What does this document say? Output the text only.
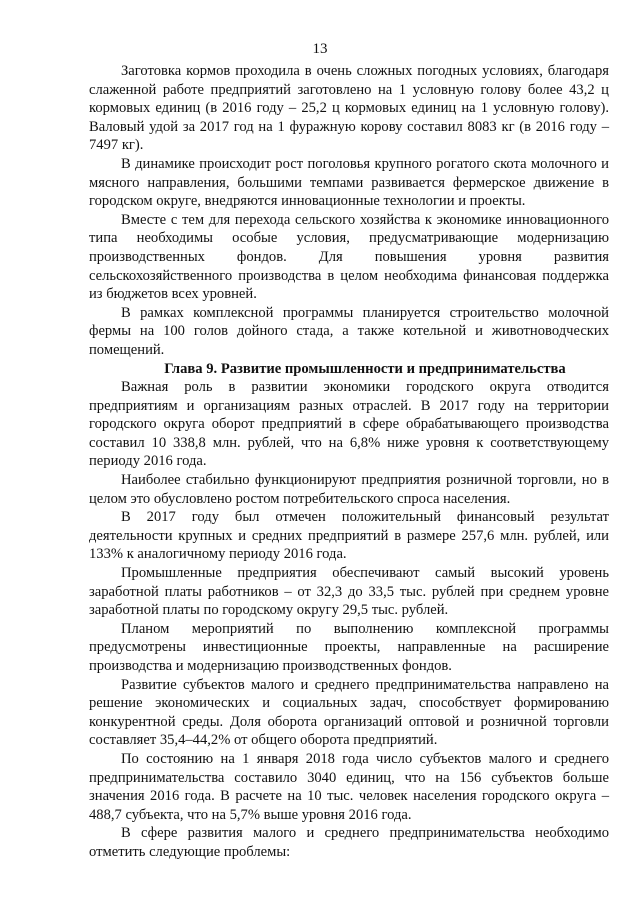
13

Заготовка кормов проходила в очень сложных погодных условиях, благодаря слаженной работе предприятий заготовлено на 1 условную голову более 43,2 ц кормовых единиц (в 2016 году – 25,2 ц кормовых единиц на 1 условную голову). Валовый удой за 2017 год на 1 фуражную корову составил 8083 кг (в 2016 году – 7497 кг).

В динамике происходит рост поголовья крупного рогатого скота молочного и мясного направления, большими темпами развивается фермерское движение в городском округе, внедряются инновационные технологии и проекты.

Вместе с тем для перехода сельского хозяйства к экономике инновационного типа необходимы особые условия, предусматривающие модернизацию производственных фондов. Для повышения уровня развития сельскохозяйственного производства в целом необходима финансовая поддержка из бюджетов всех уровней.

В рамках комплексной программы планируется строительство молочной фермы на 100 голов дойного стада, а также котельной и животноводческих помещений.

Глава 9. Развитие промышленности и предпринимательства

Важная роль в развитии экономики городского округа отводится предприятиям и организациям разных отраслей. В 2017 году на территории городского округа оборот предприятий в сфере обрабатывающего производства составил 10 338,8 млн. рублей, что на 6,8% ниже уровня к соответствующему периоду 2016 года.

Наиболее стабильно функционируют предприятия розничной торговли, но в целом это обусловлено ростом потребительского спроса населения.

В 2017 году был отмечен положительный финансовый результат деятельности крупных и средних предприятий в размере 257,6 млн. рублей, или 133% к аналогичному периоду 2016 года.

Промышленные предприятия обеспечивают самый высокий уровень заработной платы работников – от 32,3 до 33,5 тыс. рублей при среднем уровне заработной платы по городскому округу 29,5 тыс. рублей.

Планом мероприятий по выполнению комплексной программы предусмотрены инвестиционные проекты, направленные на расширение производства и модернизацию производственных фондов.

Развитие субъектов малого и среднего предпринимательства направлено на решение экономических и социальных задач, способствует формированию конкурентной среды. Доля оборота организаций оптовой и розничной торговли составляет 35,4–44,2% от общего оборота предприятий.

По состоянию на 1 января 2018 года число субъектов малого и среднего предпринимательства составило 3040 единиц, что на 156 субъектов больше значения 2016 года. В расчете на 10 тыс. человек населения городского округа – 488,7 субъекта, что на 5,7% выше уровня 2016 года.

В сфере развития малого и среднего предпринимательства необходимо отметить следующие проблемы:
